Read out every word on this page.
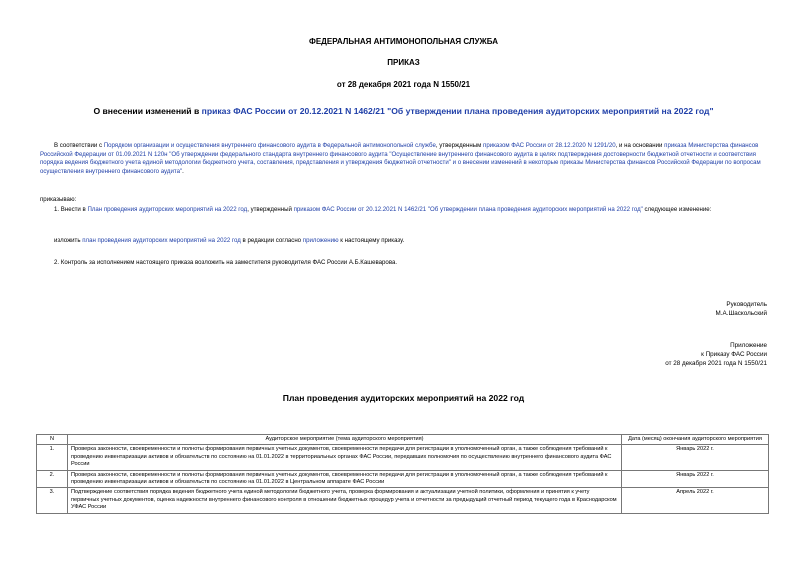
ФЕДЕРАЛЬНАЯ АНТИМОНОПОЛЬНАЯ СЛУЖБА
ПРИКАЗ
от 28 декабря 2021 года N 1550/21
О внесении изменений в приказ ФАС России от 20.12.2021 N 1462/21 "Об утверждении плана проведения аудиторских мероприятий на 2022 год"
В соответствии с Порядком организации и осуществления внутреннего финансового аудита в Федеральной антимонопольной службе, утвержденным приказом ФАС России от 28.12.2020 N 1291/20, и на основании приказа Министерства финансов Российской Федерации от 01.09.2021 N 120н "Об утверждении федерального стандарта внутреннего финансового аудита "Осуществление внутреннего финансового аудита в целях подтверждения достоверности бюджетной отчетности и соответствия порядка ведения бюджетного учета единой методологии бюджетного учета, составления, представления и утверждения бюджетной отчетности" и о внесении изменений в некоторые приказы Министерства финансов Российской Федерации по вопросам осуществления внутреннего финансового аудита".
приказываю:
1. Внести в План проведения аудиторских мероприятий на 2022 год, утвержденный приказом ФАС России от 20.12.2021 N 1462/21 "Об утверждении плана проведения аудиторских мероприятий на 2022 год" следующее изменение:
изложить план проведения аудиторских мероприятий на 2022 год в редакции согласно приложению к настоящему приказу.
2. Контроль за исполнением настоящего приказа возложить на заместителя руководителя ФАС России А.Б.Кашеварова.
Руководитель
М.А.Шаскольский
Приложение
к Приказу ФАС России
от 28 декабря 2021 года N 1550/21
План проведения аудиторских мероприятий на 2022 год
N	Аудиторское мероприятие (тема аудиторского мероприятия)	Дата (месяц) окончания аудиторского мероприятия
1.	Проверка законности, своевременности и полноты формирования первичных учетных документов, своевременности передачи для регистрации в уполномоченный орган, а также соблюдения требований к проведению инвентаризации активов и обязательств по состоянию на 01.01.2022 в территориальных органах ФАС России, передавших полномочия по осуществлению внутреннего финансового аудита ФАС России	Январь 2022 г.
2.	Проверка законности, своевременности и полноты формирования первичных учетных документов, своевременности передачи для регистрации в уполномоченный орган, а также соблюдения требований к проведению инвентаризации активов и обязательств по состоянию на 01.01.2022 в Центральном аппарате ФАС России	Январь 2022 г.
3.	Подтверждение соответствия порядка ведения бюджетного учета единой методологии бюджетного учета, проверка формирования и актуализации учетной политики, оформления и принятия к учету первичных учетных документов, оценка надежности внутреннего финансового контроля в отношении бюджетных процедур учета и отчетности за предыдущий отчетный период текущего года в Краснодарском УФАС России	Апрель 2022 г.
